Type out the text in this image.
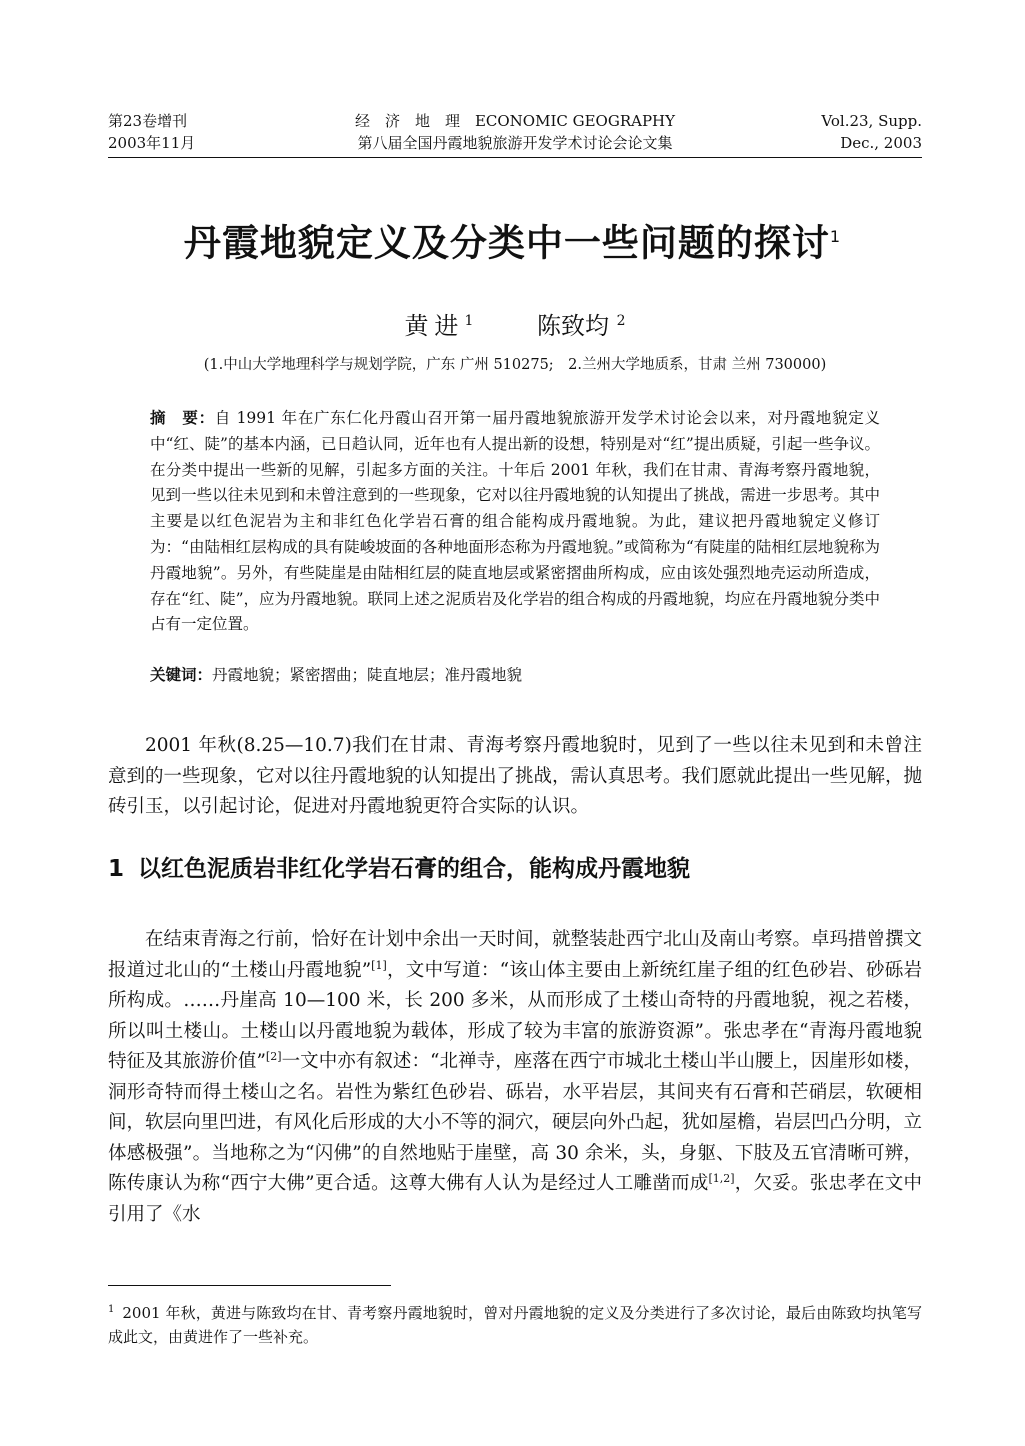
第23卷增刊
2003年11月
经　济　地　理　ECONOMIC GEOGRAPHY
第八届全国丹霞地貌旅游开发学术讨论会论文集
Vol.23, Supp.
Dec., 2003
丹霞地貌定义及分类中一些问题的探讨$^1$
黄进$^1$	陈致均 $^2$
(1.中山大学地理科学与规划学院，广东 广州 510275;　2.兰州大学地质系，甘肃 兰州 730000)
摘　要：自 1991 年在广东仁化丹霞山召开第一届丹霞地貌旅游开发学术讨论会以来，对丹霞地貌定义中“红、陡”的基本内涵，已日趋认同，近年也有人提出新的设想，特别是对“红”提出质疑，引起一些争议。在分类中提出一些新的见解，引起多方面的关注。十年后 2001 年秋，我们在甘肃、青海考察丹霞地貌，见到一些以往未见到和未曾注意到的一些现象，它对以往丹霞地貌的认知提出了挑战，需进一步思考。其中主要是以红色泥岩为主和非红色化学岩石膏的组合能构成丹霞地貌。为此，建议把丹霞地貌定义修订为：“由陆相红层构成的具有陡峻坡面的各种地面形态称为丹霞地貌。”或简称为“有陡崖的陆相红层地貌称为丹霞地貌”。另外，有些陡崖是由陆相红层的陡直地层或紧密摺曲所构成，应由该处强烈地壳运动所造成，存在“红、陡”，应为丹霞地貌。联同上述之泥质岩及化学岩的组合构成的丹霞地貌，均应在丹霞地貌分类中占有一定位置。
关键词：丹霞地貌；紧密摺曲；陡直地层；准丹霞地貌

2001 年秋(8.25—10.7)我们在甘肃、青海考察丹霞地貌时，见到了一些以往未见到和未曾注意到的一些现象，它对以往丹霞地貌的认知提出了挑战，需认真思考。我们愿就此提出一些见解，抛砖引玉，以引起讨论，促进对丹霞地貌更符合实际的认识。

1 以红色泥质岩非红化学岩石膏的组合，能构成丹霞地貌

在结束青海之行前，恰好在计划中余出一天时间，就整装赴西宁北山及南山考察。卓玛措曾撰文报道过北山的“土楼山丹霞地貌”[1]，文中写道：“该山体主要由上新统红崖子组的红色砂岩、砂砾岩所构成。……丹崖高 10—100 米，长 200 多米，从而形成了土楼山奇特的丹霞地貌，视之若楼，所以叫土楼山。土楼山以丹霞地貌为载体，形成了较为丰富的旅游资源”。张忠孝在“青海丹霞地貌特征及其旅游价值”[2]一文中亦有叙述：“北禅寺，座落在西宁市城北土楼山半山腰上，因崖形如楼，洞形奇特而得土楼山之名。岩性为紫红色砂岩、砾岩，水平岩层，其间夹有石膏和芒硝层，软硬相间，软层向里凹进，有风化后形成的大小不等的洞穴，硬层向外凸起，犹如屋檐，岩层凹凸分明，立体感极强”。当地称之为“闪佛”的自然地贴于崖壁，高 30 余米，头，身躯、下肢及五官清晰可辨，陈传康认为称“西宁大佛”更合适。这尊大佛有人认为是经过人工雕凿而成[1,2]，欠妥。张忠孝在文中引用了《水

$^1$ 2001 年秋，黄进与陈致均在甘、青考察丹霞地貌时，曾对丹霞地貌的定义及分类进行了多次讨论，最后由陈致均执笔写成此文，由黄进作了一些补充。
